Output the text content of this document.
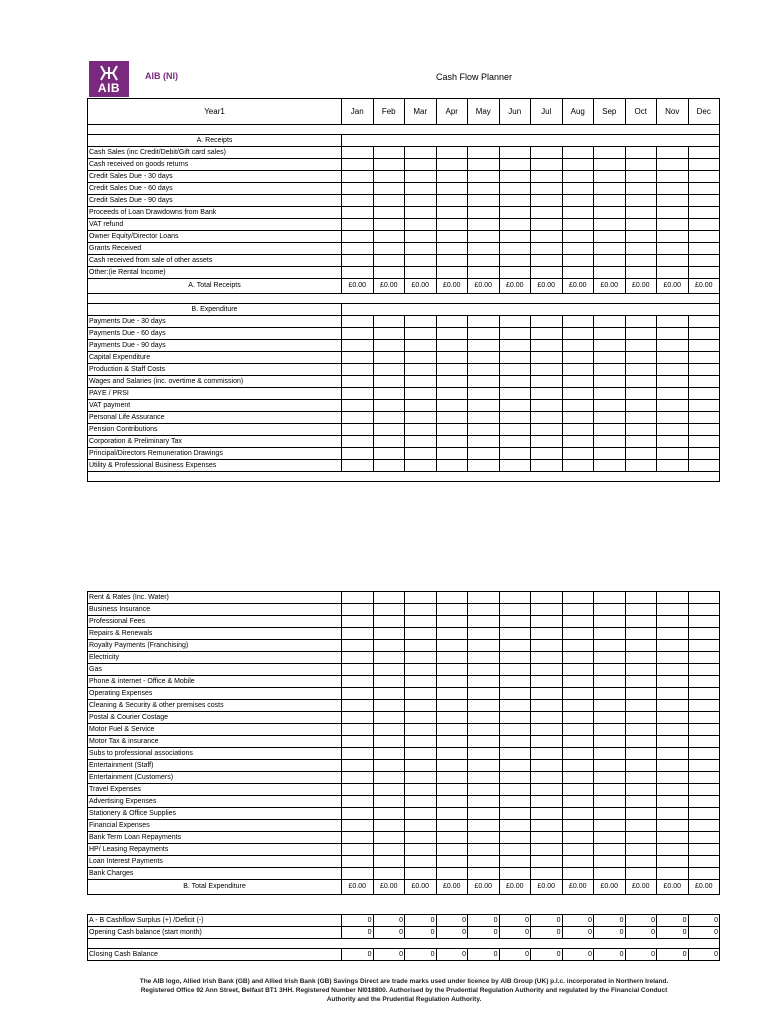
AIB
AIB (NI)	Cash Flow Planner
Year1	Jan	Feb	Mar	Apr	May	Jun	Jul	Aug	Sep	Oct	Nov	Dec

A. Receipts												
Cash Sales (inc Credit/Debit/Gift card sales)												
Cash received on goods returns												
Credit Sales Due - 30 days												
Credit Sales Due - 60 days												
Credit Sales Due - 90 days												
Proceeds of Loan Drawdowns from Bank												
VAT refund												
Owner Equity/Director Loans												
Grants Received												
Cash received from sale of other assets												
Other:(ie Rental Income)												
A. Total Receipts	£0.00	£0.00	£0.00	£0.00	£0.00	£0.00	£0.00	£0.00	£0.00	£0.00	£0.00	£0.00

B. Expenditure												
Payments Due - 30 days												
Payments Due - 60 days												
Payments Due - 90 days												
Capital Expenditure												
Production & Staff Costs												
Wages and Salaries (inc. overtime & commission)												
PAYE / PRSI												
VAT payment												
Personal Life Assurance												
Pension Contributions												
Corporation & Preliminary Tax												
Principal/Directors Remuneration Drawings												
Utility & Professional Business Expenses												

Rent & Rates (Inc. Water)												
Business Insurance												
Professional Fees												
Repairs & Renewals												
Royalty Payments (Franchising)												
Electricity												
Gas												
Phone & internet - Office & Mobile												
Operating Expenses												
Cleaning & Security & other premises costs												
Postal & Courier Costage												
Motor Fuel & Service												
Motor Tax & insurance												
Subs to professional associations												
Entertainment (Staff)												
Entertainment (Customers)												
Travel Expenses												
Advertising Expenses												
Stationery & Office Supplies												
Financial Expenses												
Bank Term Loan Repayments												
HP/ Leasing Repayments												
Loan Interest Payments												
Bank Charges												
B. Total Expenditure	£0.00	£0.00	£0.00	£0.00	£0.00	£0.00	£0.00	£0.00	£0.00	£0.00	£0.00	£0.00
A - B Cashflow Surplus (+) /Deficit (-)	0	0	0	0	0	0	0	0	0	0	0	0
Opening Cash balance (start month)	0	0	0	0	0	0	0	0	0	0	0	0

Closing Cash Balance	0	0	0	0	0	0	0	0	0	0	0	0
The AIB logo, Allied Irish Bank (GB) and Allied Irish Bank (GB) Savings Direct are trade marks used under licence by AIB Group (UK) p.l.c. incorporated in Northern Ireland.
Registered Office 92 Ann Street, Belfast BT1 3HH. Registered Number NI018800. Authorised by the Prudential Regulation Authority and regulated by the Financial Conduct
Authority and the Prudential Regulation Authority.
